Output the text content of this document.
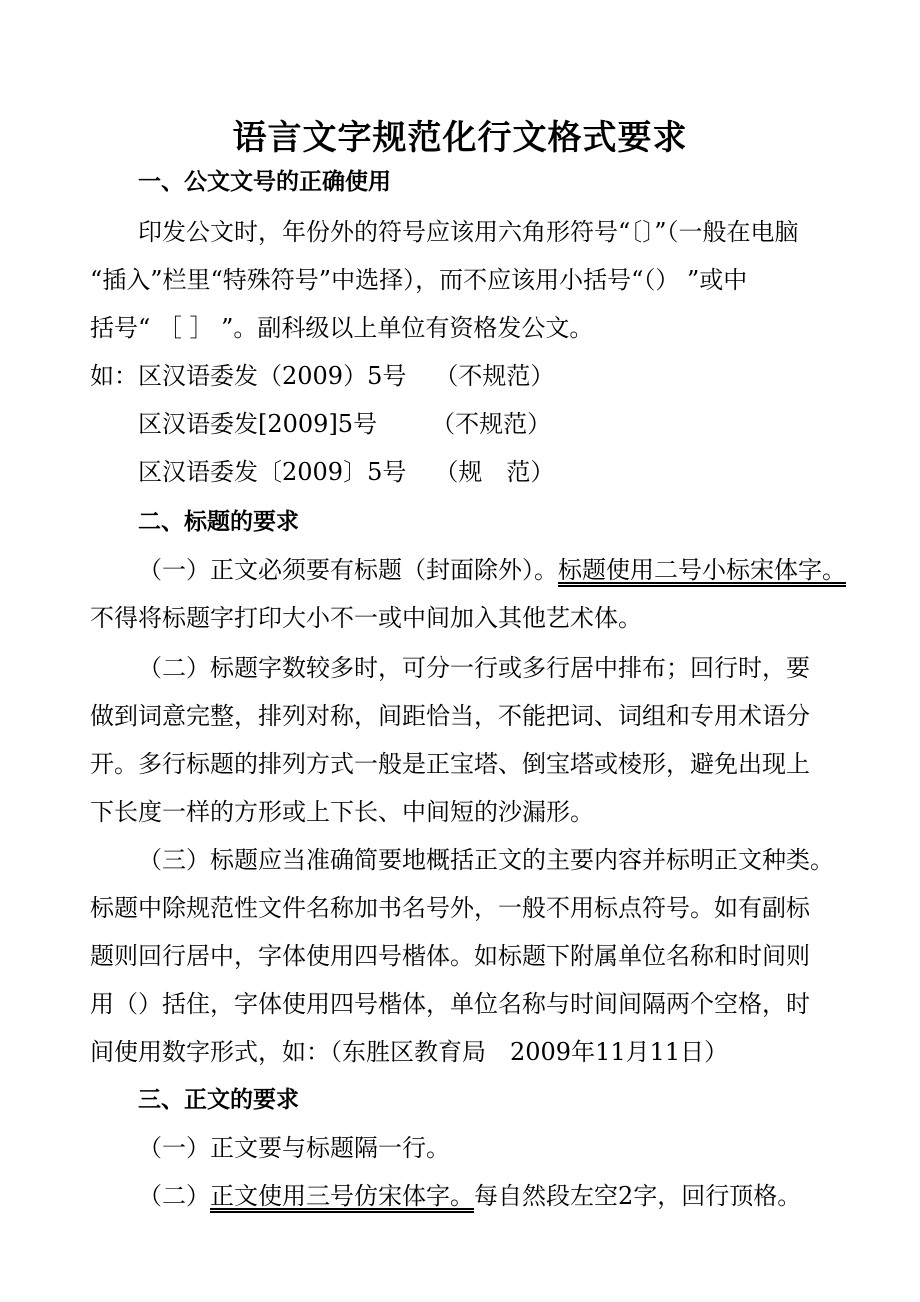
语言文字规范化行文格式要求
一、公文文号的正确使用
印发公文时，年份外的符号应该用六角形符号“〔〕”（一般在电脑
“插入”栏里“特殊符号”中选择），而不应该用小括号“（） ”或中
括号“ ［ ］ ”。副科级以上单位有资格发公文。
如：区汉语委发（2009）5号 （不规范）
区汉语委发[2009]5号 （不规范）
区汉语委发〔2009〕5号 （规　范）
二、标题的要求
（一）正文必须要有标题（封面除外）。标题使用二号小标宋体字。
不得将标题字打印大小不一或中间加入其他艺术体。
（二）标题字数较多时，可分一行或多行居中排布；回行时，要
做到词意完整，排列对称，间距恰当，不能把词、词组和专用术语分
开。多行标题的排列方式一般是正宝塔、倒宝塔或棱形，避免出现上
下长度一样的方形或上下长、中间短的沙漏形。
（三）标题应当准确简要地概括正文的主要内容并标明正文种类。
标题中除规范性文件名称加书名号外，一般不用标点符号。如有副标
题则回行居中，字体使用四号楷体。如标题下附属单位名称和时间则
用（）括住，字体使用四号楷体，单位名称与时间间隔两个空格，时
间使用数字形式，如：（东胜区教育局　2009年11月11日）
三、正文的要求
（一）正文要与标题隔一行。
（二）正文使用三号仿宋体字。每自然段左空2字，回行顶格。
